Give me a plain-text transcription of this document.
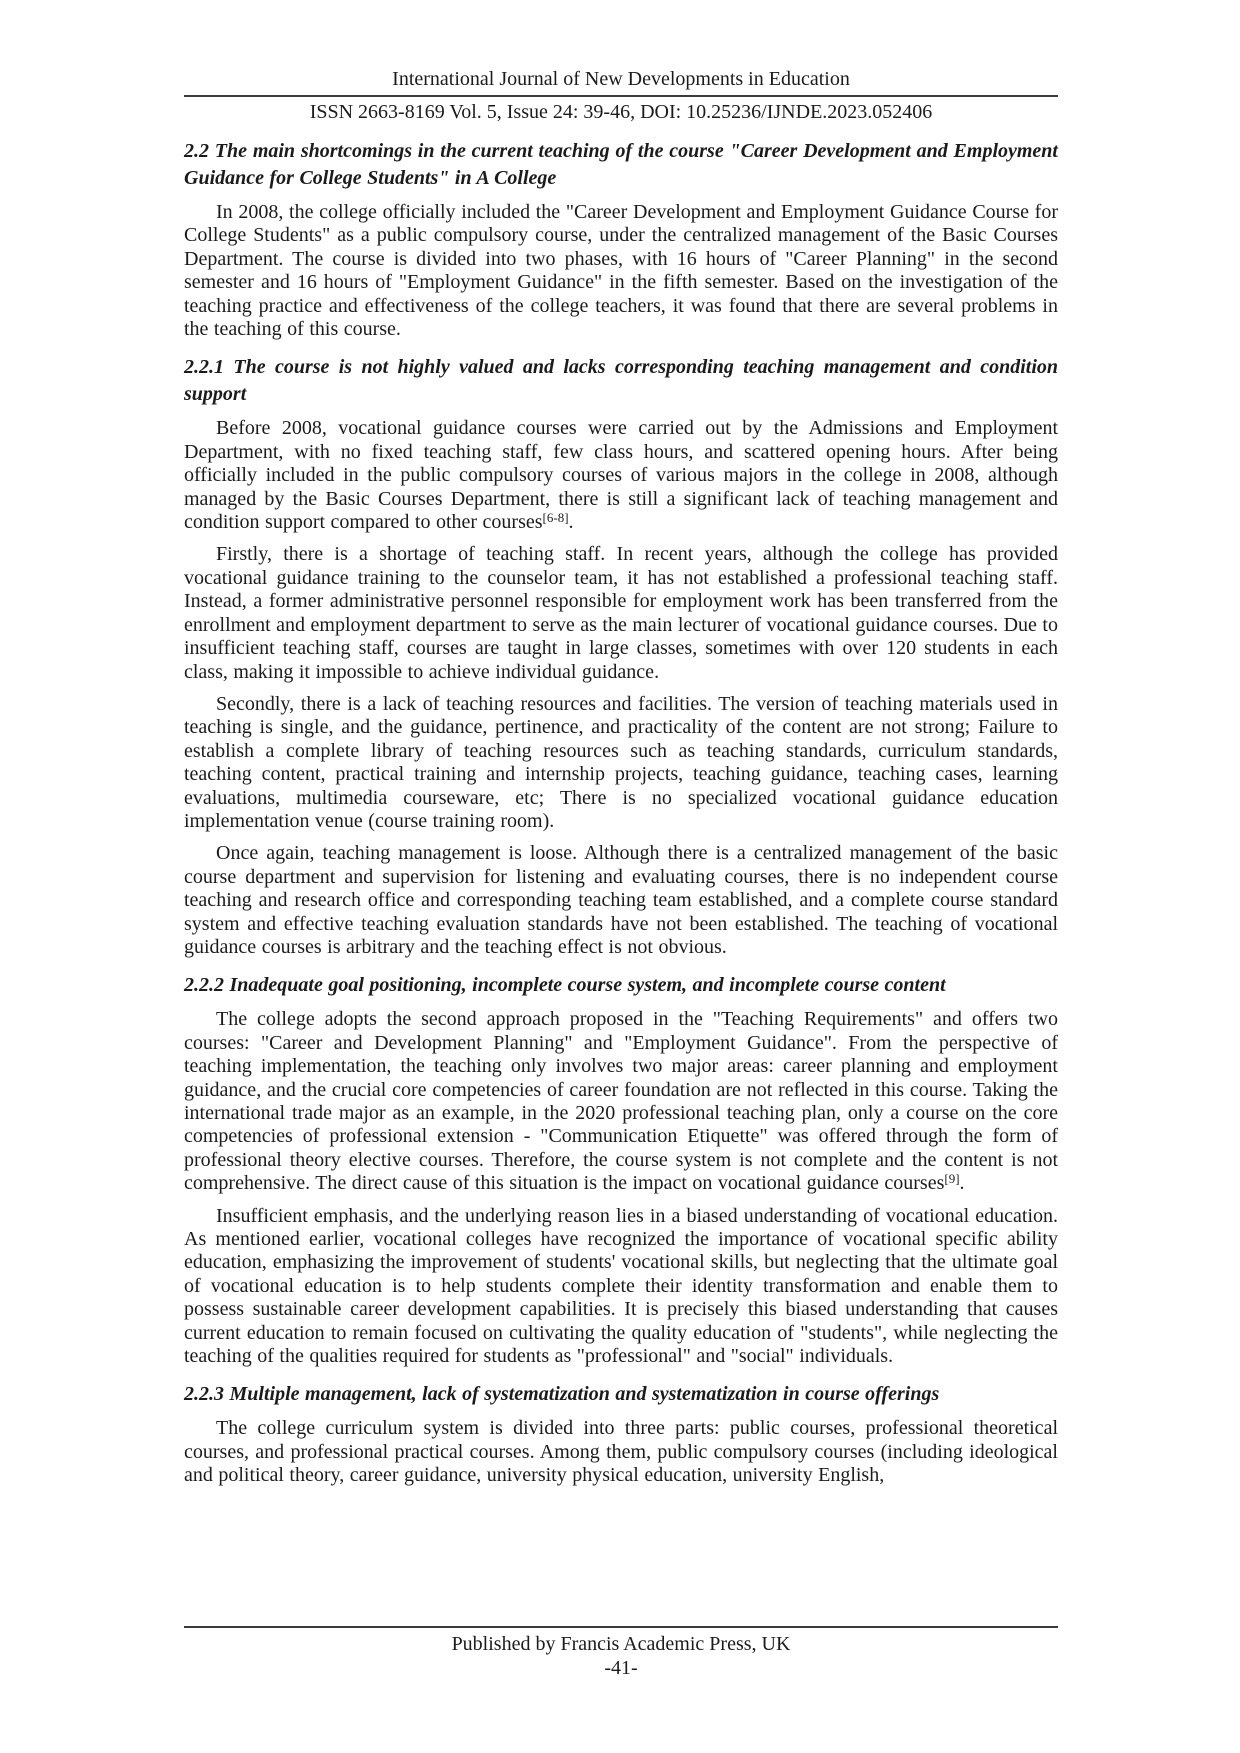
International Journal of New Developments in Education
ISSN 2663-8169 Vol. 5, Issue 24: 39-46, DOI: 10.25236/IJNDE.2023.052406
2.2 The main shortcomings in the current teaching of the course "Career Development and Employment Guidance for College Students" in A College

In 2008, the college officially included the "Career Development and Employment Guidance Course for College Students" as a public compulsory course, under the centralized management of the Basic Courses Department. The course is divided into two phases, with 16 hours of "Career Planning" in the second semester and 16 hours of "Employment Guidance" in the fifth semester. Based on the investigation of the teaching practice and effectiveness of the college teachers, it was found that there are several problems in the teaching of this course.

2.2.1 The course is not highly valued and lacks corresponding teaching management and condition support

Before 2008, vocational guidance courses were carried out by the Admissions and Employment Department, with no fixed teaching staff, few class hours, and scattered opening hours. After being officially included in the public compulsory courses of various majors in the college in 2008, although managed by the Basic Courses Department, there is still a significant lack of teaching management and condition support compared to other courses[6-8].

Firstly, there is a shortage of teaching staff. In recent years, although the college has provided vocational guidance training to the counselor team, it has not established a professional teaching staff. Instead, a former administrative personnel responsible for employment work has been transferred from the enrollment and employment department to serve as the main lecturer of vocational guidance courses. Due to insufficient teaching staff, courses are taught in large classes, sometimes with over 120 students in each class, making it impossible to achieve individual guidance.

Secondly, there is a lack of teaching resources and facilities. The version of teaching materials used in teaching is single, and the guidance, pertinence, and practicality of the content are not strong; Failure to establish a complete library of teaching resources such as teaching standards, curriculum standards, teaching content, practical training and internship projects, teaching guidance, teaching cases, learning evaluations, multimedia courseware, etc; There is no specialized vocational guidance education implementation venue (course training room).

Once again, teaching management is loose. Although there is a centralized management of the basic course department and supervision for listening and evaluating courses, there is no independent course teaching and research office and corresponding teaching team established, and a complete course standard system and effective teaching evaluation standards have not been established. The teaching of vocational guidance courses is arbitrary and the teaching effect is not obvious.

2.2.2 Inadequate goal positioning, incomplete course system, and incomplete course content

The college adopts the second approach proposed in the "Teaching Requirements" and offers two courses: "Career and Development Planning" and "Employment Guidance". From the perspective of teaching implementation, the teaching only involves two major areas: career planning and employment guidance, and the crucial core competencies of career foundation are not reflected in this course. Taking the international trade major as an example, in the 2020 professional teaching plan, only a course on the core competencies of professional extension - "Communication Etiquette" was offered through the form of professional theory elective courses. Therefore, the course system is not complete and the content is not comprehensive. The direct cause of this situation is the impact on vocational guidance courses[9].

Insufficient emphasis, and the underlying reason lies in a biased understanding of vocational education. As mentioned earlier, vocational colleges have recognized the importance of vocational specific ability education, emphasizing the improvement of students' vocational skills, but neglecting that the ultimate goal of vocational education is to help students complete their identity transformation and enable them to possess sustainable career development capabilities. It is precisely this biased understanding that causes current education to remain focused on cultivating the quality education of "students", while neglecting the teaching of the qualities required for students as "professional" and "social" individuals.

2.2.3 Multiple management, lack of systematization and systematization in course offerings

The college curriculum system is divided into three parts: public courses, professional theoretical courses, and professional practical courses. Among them, public compulsory courses (including ideological and political theory, career guidance, university physical education, university English,

Published by Francis Academic Press, UK
-41-
